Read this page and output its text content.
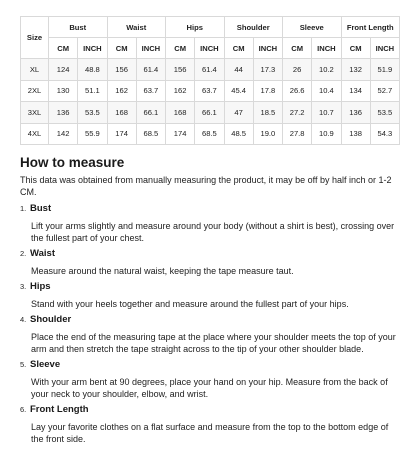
Size	Bust		Waist		Hips		Shoulder		Sleeve		Front Length	
	CM	INCH	CM	INCH	CM	INCH	CM	INCH	CM	INCH	CM	INCH
XL	124	48.8	156	61.4	156	61.4	44	17.3	26	10.2	132	51.9
2XL	130	51.1	162	63.7	162	63.7	45.4	17.8	26.6	10.4	134	52.7
3XL	136	53.5	168	66.1	168	66.1	47	18.5	27.2	10.7	136	53.5
4XL	142	55.9	174	68.5	174	68.5	48.5	19.0	27.8	10.9	138	54.3
How to measure

This data was obtained from manually measuring the product, it may be off by half inch or 1-2 CM.

1. Bust

Lift your arms slightly and measure around your body (without a shirt is best), crossing over the fullest part of your chest.

2. Waist

Measure around the natural waist, keeping the tape measure taut.

3. Hips

Stand with your heels together and measure around the fullest part of your hips.

4. Shoulder

Place the end of the measuring tape at the place where your shoulder meets the top of your arm and then stretch the tape straight across to the tip of your other shoulder blade.

5. Sleeve

With your arm bent at 90 degrees, place your hand on your hip. Measure from the back of your neck to your shoulder, elbow, and wrist.

6. Front Length

Lay your favorite clothes on a flat surface and measure from the top to the bottom edge of the front side.
